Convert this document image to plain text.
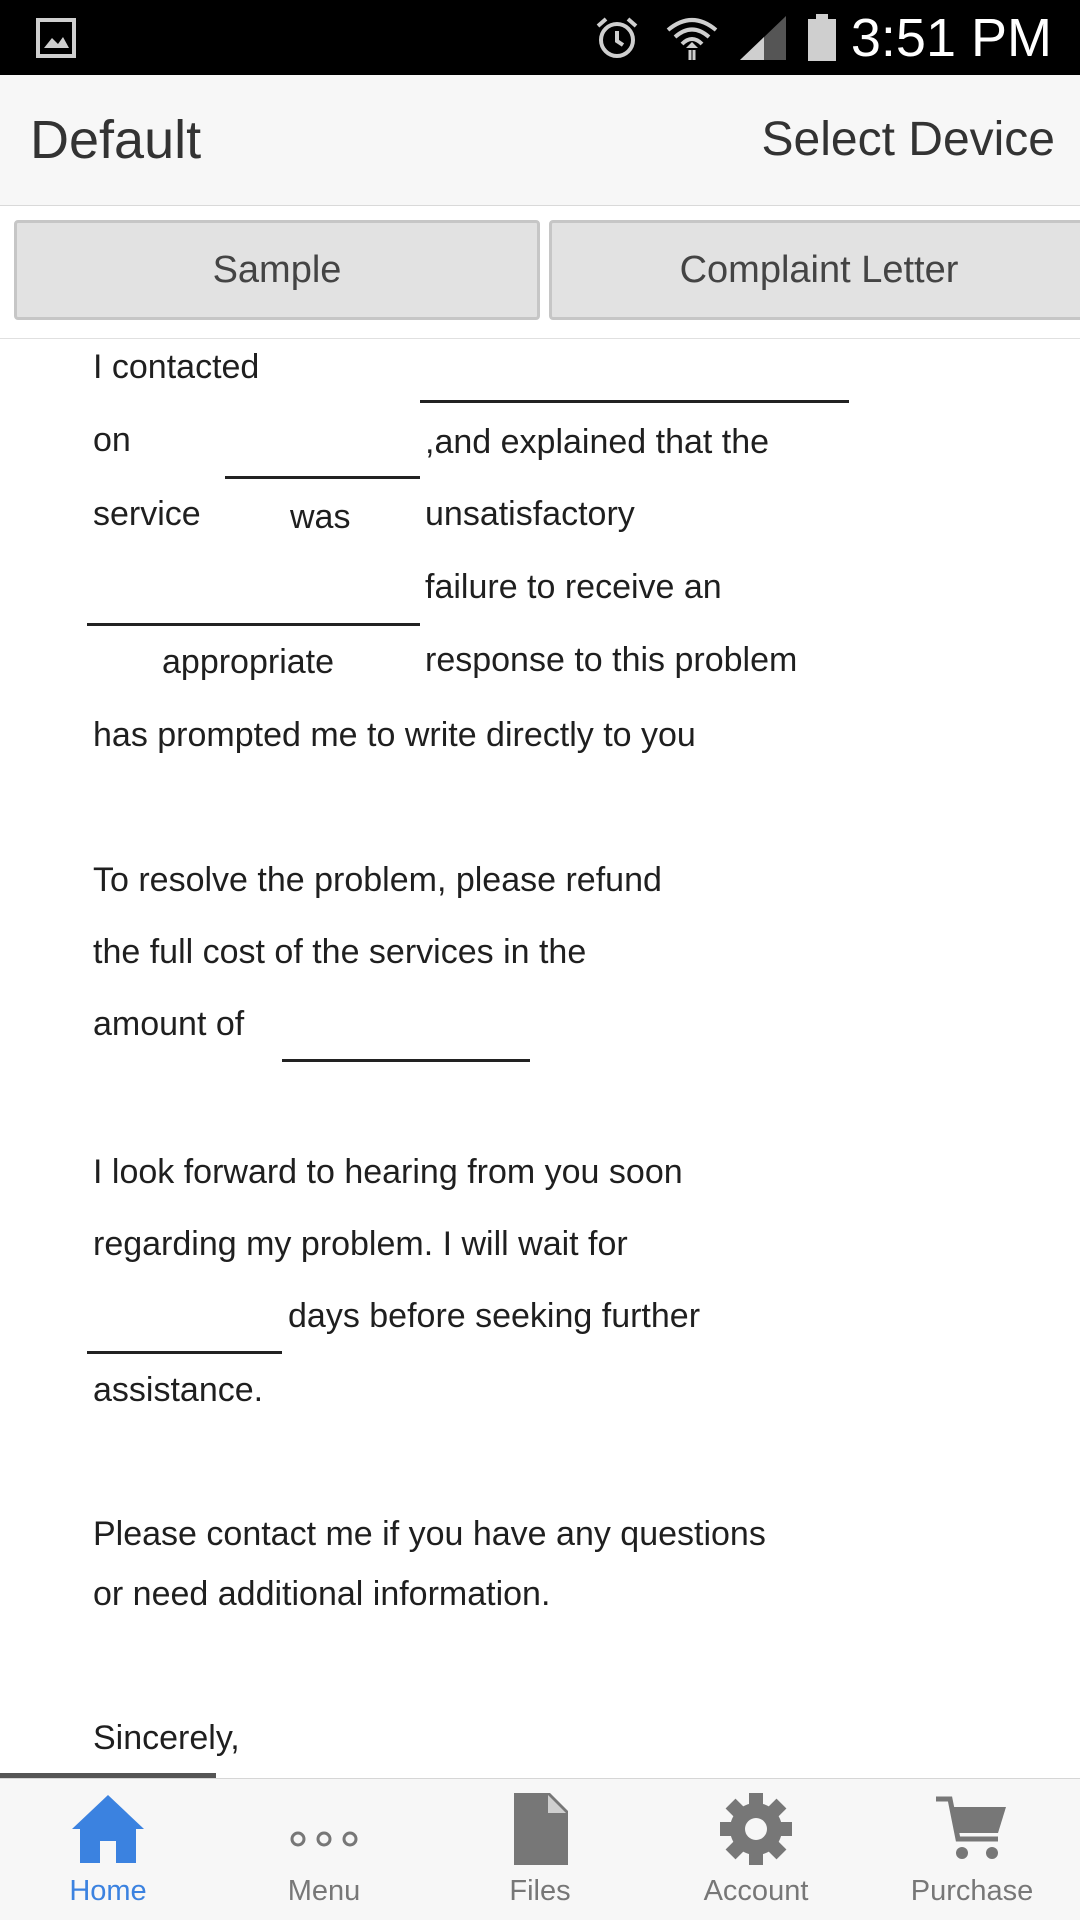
3:51 PM
Default	Select Device
Sample	Complaint Letter
I contacted
on	,and explained that the
service	was unsatisfactory
failure to receive an
appropriate	response to this problem
has prompted me to write directly to you
To resolve the problem, please refund
the full cost of the services in the
amount of
I look forward to hearing from you soon
regarding my problem. I will wait for
days before seeking further
assistance.
Please contact me if you have any questions
or need additional information.
Sincerely,
Home	Menu	Files	Account	Purchase
